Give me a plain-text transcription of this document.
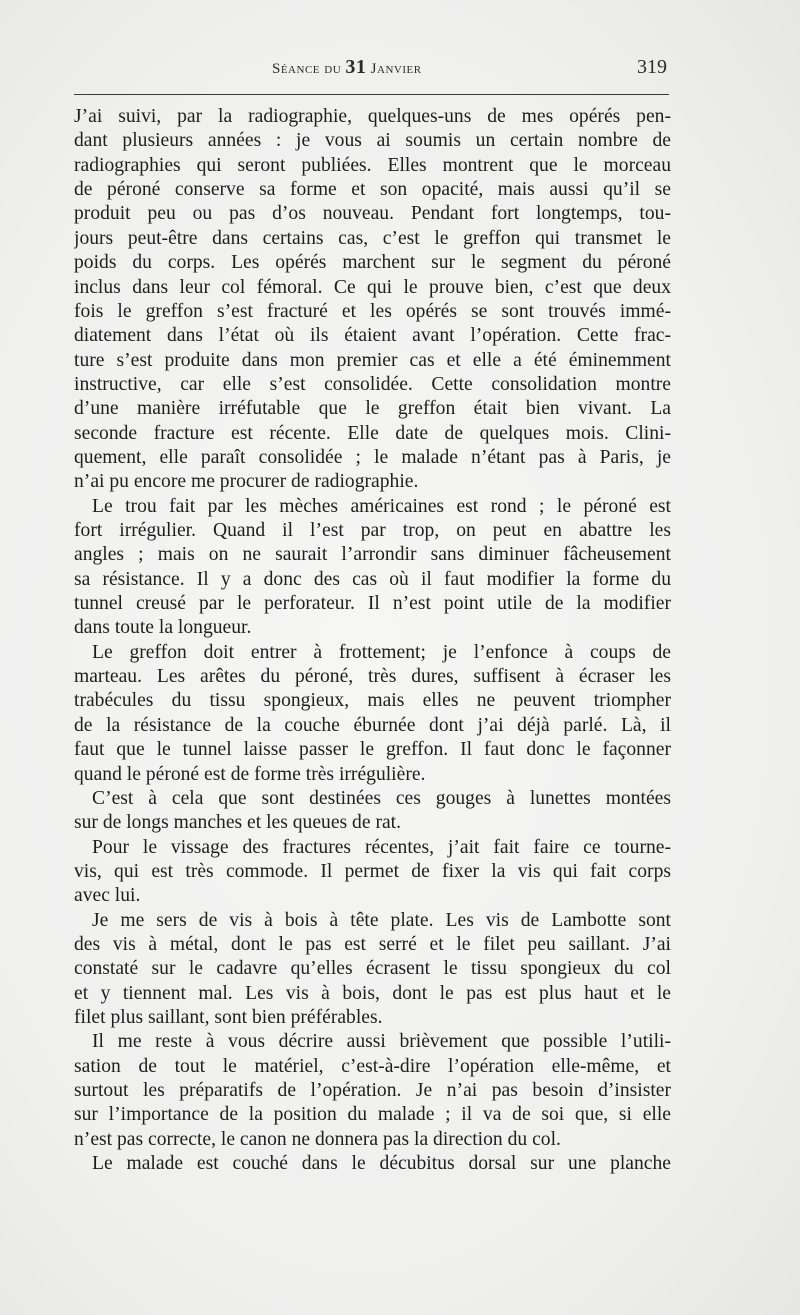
Séance du 31 Janvier	319
J’ai suivi, par la radiographie, quelques-uns de mes opérés pen-
dant plusieurs années : je vous ai soumis un certain nombre de
radiographies qui seront publiées. Elles montrent que le morceau
de péroné conserve sa forme et son opacité, mais aussi qu’il se
produit peu ou pas d’os nouveau. Pendant fort longtemps, tou-
jours peut-être dans certains cas, c’est le greffon qui transmet le
poids du corps. Les opérés marchent sur le segment du péroné
inclus dans leur col fémoral. Ce qui le prouve bien, c’est que deux
fois le greffon s’est fracturé et les opérés se sont trouvés immé-
diatement dans l’état où ils étaient avant l’opération. Cette frac-
ture s’est produite dans mon premier cas et elle a été éminemment
instructive, car elle s’est consolidée. Cette consolidation montre
d’une manière irréfutable que le greffon était bien vivant. La
seconde fracture est récente. Elle date de quelques mois. Clini-
quement, elle paraît consolidée ; le malade n’étant pas à Paris, je
n’ai pu encore me procurer de radiographie.
Le trou fait par les mèches américaines est rond ; le péroné est
fort irrégulier. Quand il l’est par trop, on peut en abattre les
angles ; mais on ne saurait l’arrondir sans diminuer fâcheusement
sa résistance. Il y a donc des cas où il faut modifier la forme du
tunnel creusé par le perforateur. Il n’est point utile de la modifier
dans toute la longueur.
Le greffon doit entrer à frottement; je l’enfonce à coups de
marteau. Les arêtes du péroné, très dures, suffisent à écraser les
trabécules du tissu spongieux, mais elles ne peuvent triompher
de la résistance de la couche éburnée dont j’ai déjà parlé. Là, il
faut que le tunnel laisse passer le greffon. Il faut donc le façonner
quand le péroné est de forme très irrégulière.
C’est à cela que sont destinées ces gouges à lunettes montées
sur de longs manches et les queues de rat.
Pour le vissage des fractures récentes, j’ait fait faire ce tourne-
vis, qui est très commode. Il permet de fixer la vis qui fait corps
avec lui.
Je me sers de vis à bois à tête plate. Les vis de Lambotte sont
des vis à métal, dont le pas est serré et le filet peu saillant. J’ai
constaté sur le cadavre qu’elles écrasent le tissu spongieux du col
et y tiennent mal. Les vis à bois, dont le pas est plus haut et le
filet plus saillant, sont bien préférables.
Il me reste à vous décrire aussi brièvement que possible l’utili-
sation de tout le matériel, c’est-à-dire l’opération elle-même, et
surtout les préparatifs de l’opération. Je n’ai pas besoin d’insister
sur l’importance de la position du malade ; il va de soi que, si elle
n’est pas correcte, le canon ne donnera pas la direction du col.
Le malade est couché dans le décubitus dorsal sur une planche
